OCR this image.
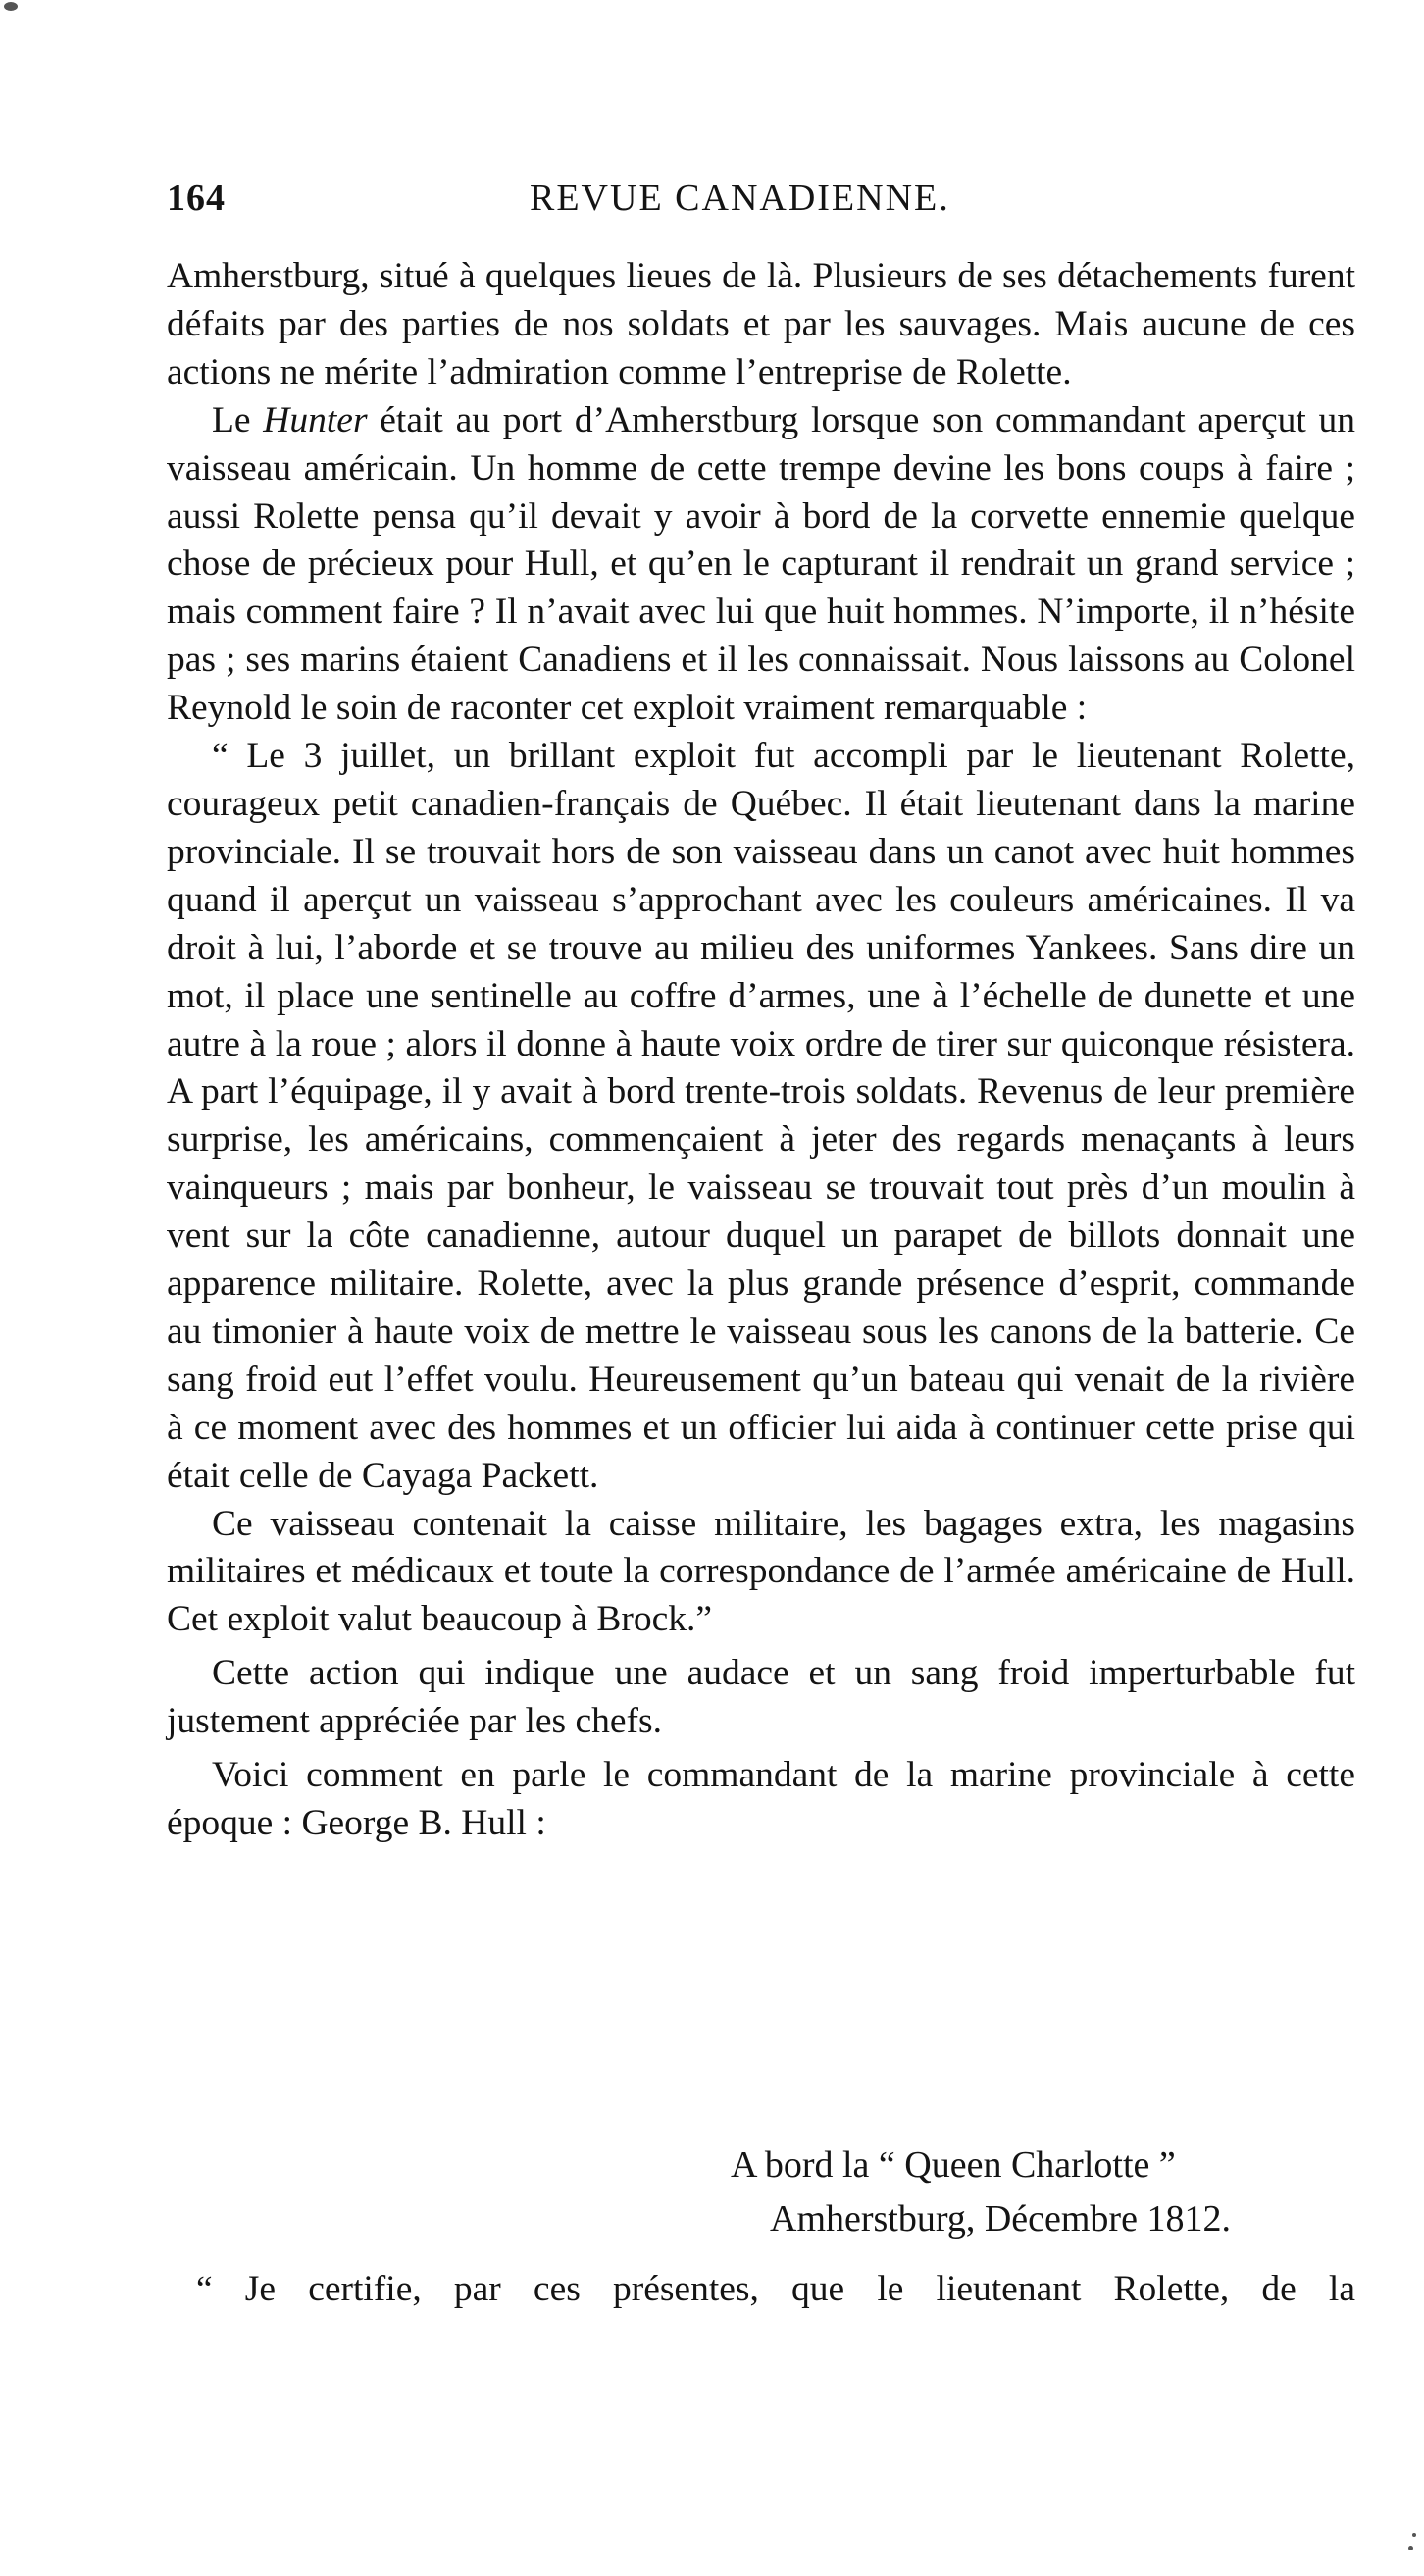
164	REVUE CANADIENNE.

Amherstburg, situé à quelques lieues de là. Plusieurs de ses détachements furent défaits par des parties de nos soldats et par les sauvages. Mais aucune de ces actions ne mérite l’admiration comme l’entreprise de Rolette.

Le Hunter était au port d’Amherstburg lorsque son commandant aperçut un vaisseau américain. Un homme de cette trempe devine les bons coups à faire ; aussi Rolette pensa qu’il devait y avoir à bord de la corvette ennemie quelque chose de précieux pour Hull, et qu’en le capturant il rendrait un grand service ; mais comment faire ? Il n’avait avec lui que huit hommes. N’importe, il n’hésite pas ; ses marins étaient Canadiens et il les connaissait. Nous laissons au Colonel Reynold le soin de raconter cet exploit vraiment remarquable :

“ Le 3 juillet, un brillant exploit fut accompli par le lieutenant Rolette, courageux petit canadien-français de Québec. Il était lieutenant dans la marine provinciale. Il se trouvait hors de son vaisseau dans un canot avec huit hommes quand il aperçut un vaisseau s’approchant avec les couleurs américaines. Il va droit à lui, l’aborde et se trouve au milieu des uniformes Yankees. Sans dire un mot, il place une sentinelle au coffre d’armes, une à l’échelle de dunette et une autre à la roue ; alors il donne à haute voix ordre de tirer sur quiconque résistera. A part l’équipage, il y avait à bord trente-trois soldats. Revenus de leur première surprise, les américains, commençaient à jeter des regards menaçants à leurs vainqueurs ; mais par bonheur, le vaisseau se trouvait tout près d’un moulin à vent sur la côte canadienne, autour duquel un parapet de billots donnait une apparence militaire. Rolette, avec la plus grande présence d’esprit, commande au timonier à haute voix de mettre le vaisseau sous les canons de la batterie. Ce sang froid eut l’effet voulu. Heureusement qu’un bateau qui venait de la rivière à ce moment avec des hommes et un officier lui aida à continuer cette prise qui était celle de Cayaga Packett.

Ce vaisseau contenait la caisse militaire, les bagages extra, les magasins militaires et médicaux et toute la correspondance de l’armée américaine de Hull. Cet exploit valut beaucoup à Brock.”

Cette action qui indique une audace et un sang froid imperturbable fut justement appréciée par les chefs.

Voici comment en parle le commandant de la marine provinciale à cette époque : George B. Hull :

A bord la “ Queen Charlotte ”
Amherstburg, Décembre 1812.
“ Je certifie, par ces présentes, que le lieutenant Rolette, de la
